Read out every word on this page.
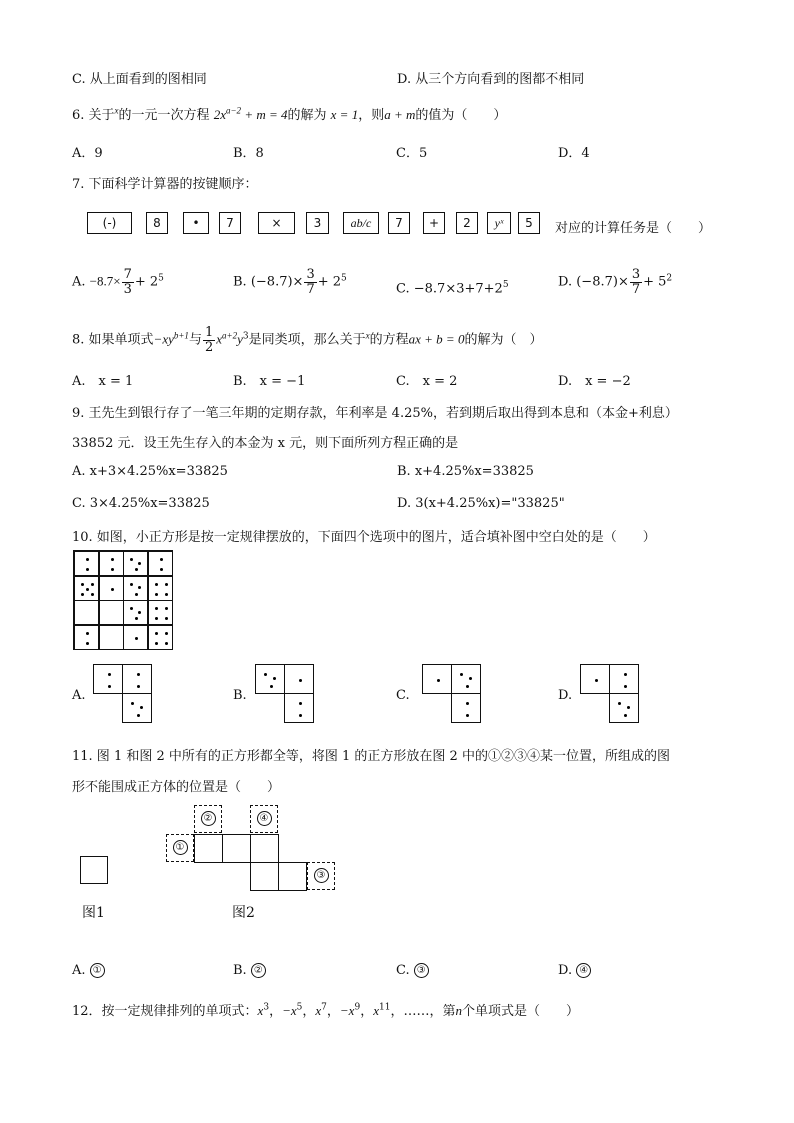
C. 从上面看到的图相同	D. 从三个方向看到的图都不相同
6. 关于$^x$的一元一次方程 $2x^{a-2} + m = 4$的解为 x = 1，则a + m的值为（　　）
A．9	B．8	C．5	D．4
7. 下面科学计算器的按键顺序：
(-)	8	•	7	×	3	ab/c	7	+	2	yˣ	5	对应的计算任务是（　　）
A. $-8.7\times \frac{7}{3} + 2^5$	B. $(-8.7)\times \frac{3}{7} + 2^5$
C. $-8.7\times 3+7+2^5$	D. $(-8.7)\times \frac{3}{7} + 5^2$
8. 如果单项式$-xy^{b+1}$与 $\frac{1}{2} x^{a+2}y^3$是同类项，那么关于$^x$的方程ax + b = 0的解为（　）
A.　x = 1	B.　x = −1	C.　x = 2	D.　x = −2
9. 王先生到银行存了一笔三年期的定期存款，年利率是 4.25%，若到期后取出得到本息和（本金+利息）
33852 元．设王先生存入的本金为 x 元，则下面所列方程正确的是
A. x+3×4.25%x=33825	B. x+4.25%x=33825
C. 3×4.25%x=33825	D. 3(x+4.25%x)="33825"
10. 如图，小正方形是按一定规律摆放的，下面四个选项中的图片，适合填补图中空白处的是（　　）
A.	B.	C.	D.
11. 图 1 和图 2 中所有的正方形都全等，将图 1 的正方形放在图 2 中的①②③④某一位置，所组成的图
形不能围成正方体的位置是（　　）
图1
①
②
③
④
图2
A. ①	B. ②	C. ③	D. ④
12．按一定规律排列的单项式：$x^3$，$-x^5$，$x^7$，$-x^9$，$x^{11}$，……，第n个单项式是（　　）
